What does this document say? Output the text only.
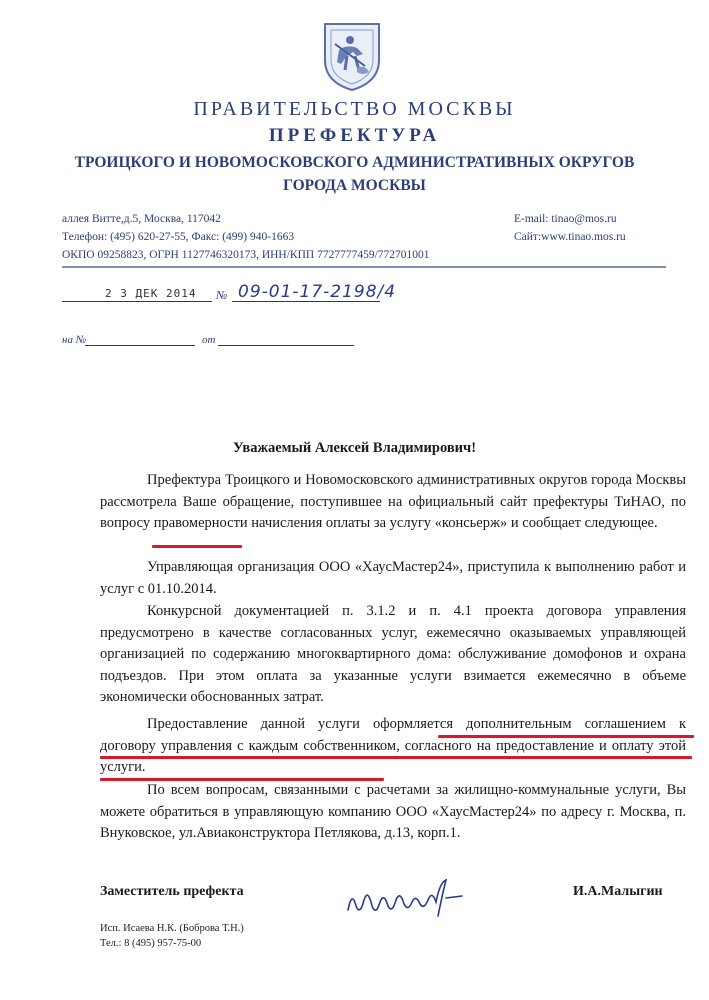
ПРАВИТЕЛЬСТВО МОСКВЫ
ПРЕФЕКТУРА
ТРОИЦКОГО И НОВОМОСКОВСКОГО АДМИНИСТРАТИВНЫХ ОКРУГОВ
ГОРОДА МОСКВЫ
аллея Витте,д.5, Москва, 117042
Телефон: (495) 620-27-55, Факс: (499) 940-1663
ОКПО 09258823, ОГРН 1127746320173, ИНН/КПП 7727777459/772701001
E-mail: tinao@mos.ru
Сайт:www.tinao.mos.ru
2 3 ДЕК 2014 № 09-01-17-2198/4
на №	от
Уважаемый Алексей Владимирович!
Префектура Троицкого и Новомосковского административных округов города Москвы рассмотрела Ваше обращение, поступившее на официальный сайт префектуры ТиНАО, по вопросу правомерности начисления оплаты за услугу «консьерж» и сообщает следующее.
Управляющая организация ООО «ХаусМастер24», приступила к выполнению работ и услуг с 01.10.2014.
Конкурсной документацией п. 3.1.2 и п. 4.1 проекта договора управления предусмотрено в качестве согласованных услуг, ежемесячно оказываемых управляющей организацией по содержанию многоквартирного дома: обслуживание домофонов и охрана подъездов. При этом оплата за указанные услуги взимается ежемесячно в объеме экономически обоснованных затрат.
Предоставление данной услуги оформляется дополнительным соглашением к договору управления с каждым собственником, согласного на предоставление и оплату этой услуги.
По всем вопросам, связанными с расчетами за жилищно-коммунальные услуги, Вы можете обратиться в управляющую компанию ООО «ХаусМастер24» по адресу г. Москва, п. Внуковское, ул.Авиаконструктора Петлякова, д.13, корп.1.
Заместитель префекта	И.А.Малыгин
Исп. Исаева Н.К. (Боброва Т.Н.)
Тел.: 8 (495) 957-75-00
